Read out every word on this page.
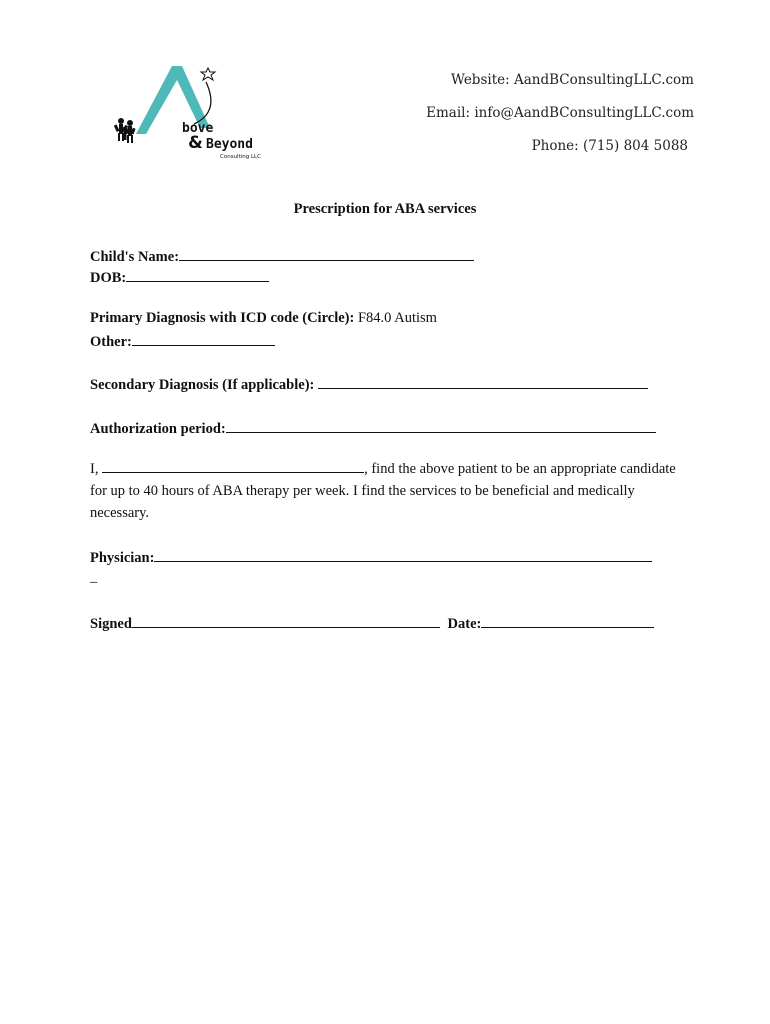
bove
& Beyond
Consulting LLC
Website: AandBConsultingLLC.com
Email: info@AandBConsultingLLC.com
Phone: (715) 804 5088
Prescription for ABA services
Child's Name:
DOB:
Primary Diagnosis with ICD code (Circle): F84.0 Autism
Other:
Secondary Diagnosis (If applicable):
Authorization period:
I,	, find the above patient to be an appropriate candidate for up to 40 hours of ABA therapy per week. I find the services to be beneficial and medically necessary.
Physician:
_
Signed	Date:
